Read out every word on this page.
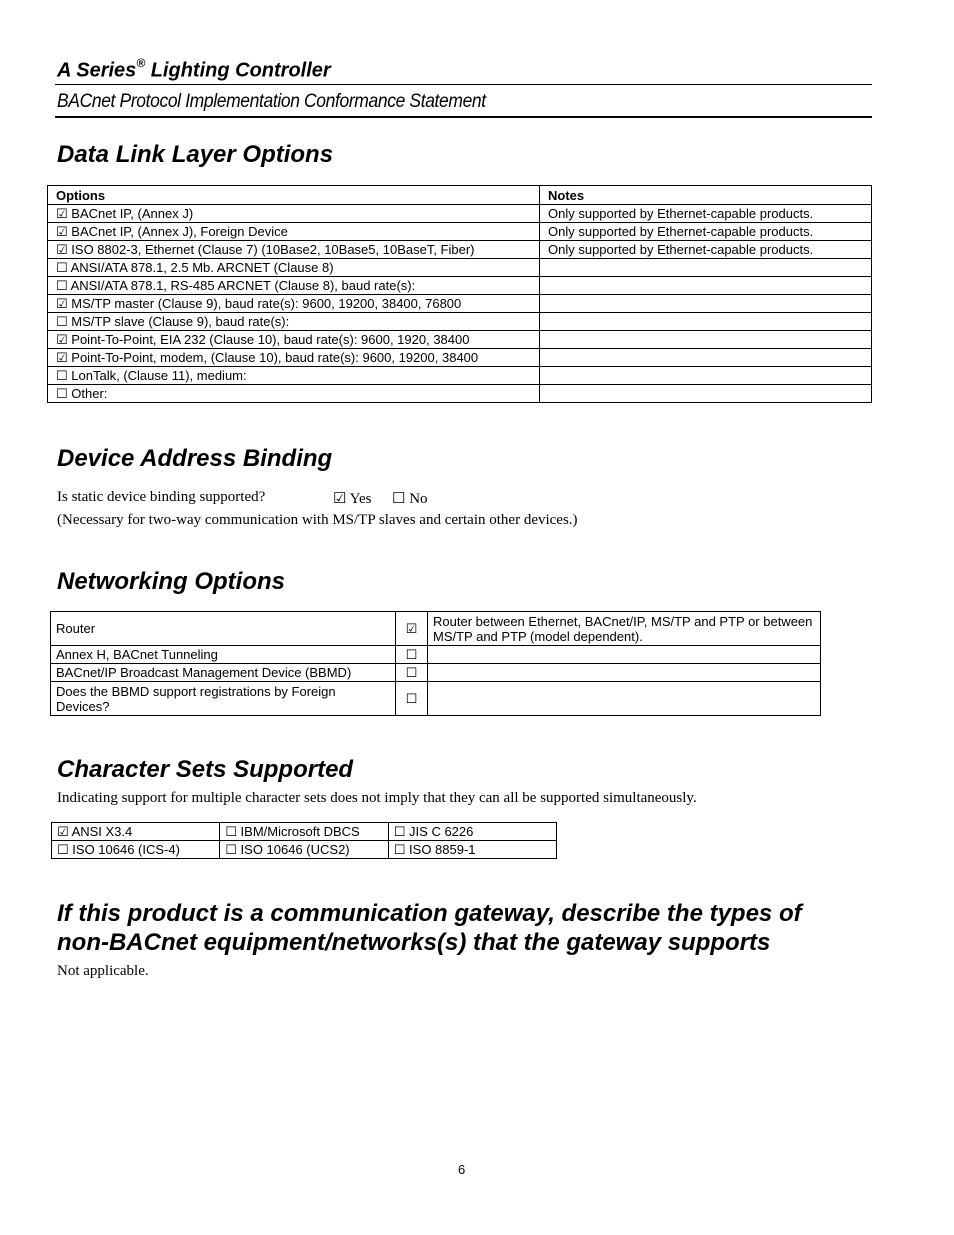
A Series® Lighting Controller
BACnet Protocol Implementation Conformance Statement
Data Link Layer Options
Options	Notes
☑ BACnet IP, (Annex J)	Only supported by Ethernet-capable products.
☑ BACnet IP, (Annex J), Foreign Device	Only supported by Ethernet-capable products.
☑ ISO 8802-3, Ethernet (Clause 7) (10Base2, 10Base5, 10BaseT, Fiber)	Only supported by Ethernet-capable products.
☐ ANSI/ATA 878.1, 2.5 Mb. ARCNET (Clause 8)	
☐ ANSI/ATA 878.1, RS-485 ARCNET (Clause 8), baud rate(s):	
☑ MS/TP master (Clause 9), baud rate(s): 9600, 19200, 38400, 76800	
☐ MS/TP slave (Clause 9), baud rate(s):	
☑ Point-To-Point, EIA 232 (Clause 10), baud rate(s): 9600, 1920, 38400	
☑ Point-To-Point, modem, (Clause 10), baud rate(s): 9600, 19200, 38400	
☐ LonTalk, (Clause 11), medium:	
☐ Other:	
Device Address Binding
Is static device binding supported?	☑ Yes ☐ No
(Necessary for two-way communication with MS/TP slaves and certain other devices.)
Networking Options
Router	☑	Router between Ethernet, BACnet/IP, MS/TP and PTP or between MS/TP and PTP (model dependent).
Annex H, BACnet Tunneling	☐	
BACnet/IP Broadcast Management Device (BBMD)	☐	
Does the BBMD support registrations by Foreign Devices?	☐	
Character Sets Supported
Indicating support for multiple character sets does not imply that they can all be supported simultaneously.
☑ ANSI X3.4	☐ IBM/Microsoft DBCS	☐ JIS C 6226
☐ ISO 10646 (ICS-4)	☐ ISO 10646 (UCS2)	☐ ISO 8859-1
If this product is a communication gateway, describe the types of
non-BACnet equipment/networks(s) that the gateway supports
Not applicable.
6
